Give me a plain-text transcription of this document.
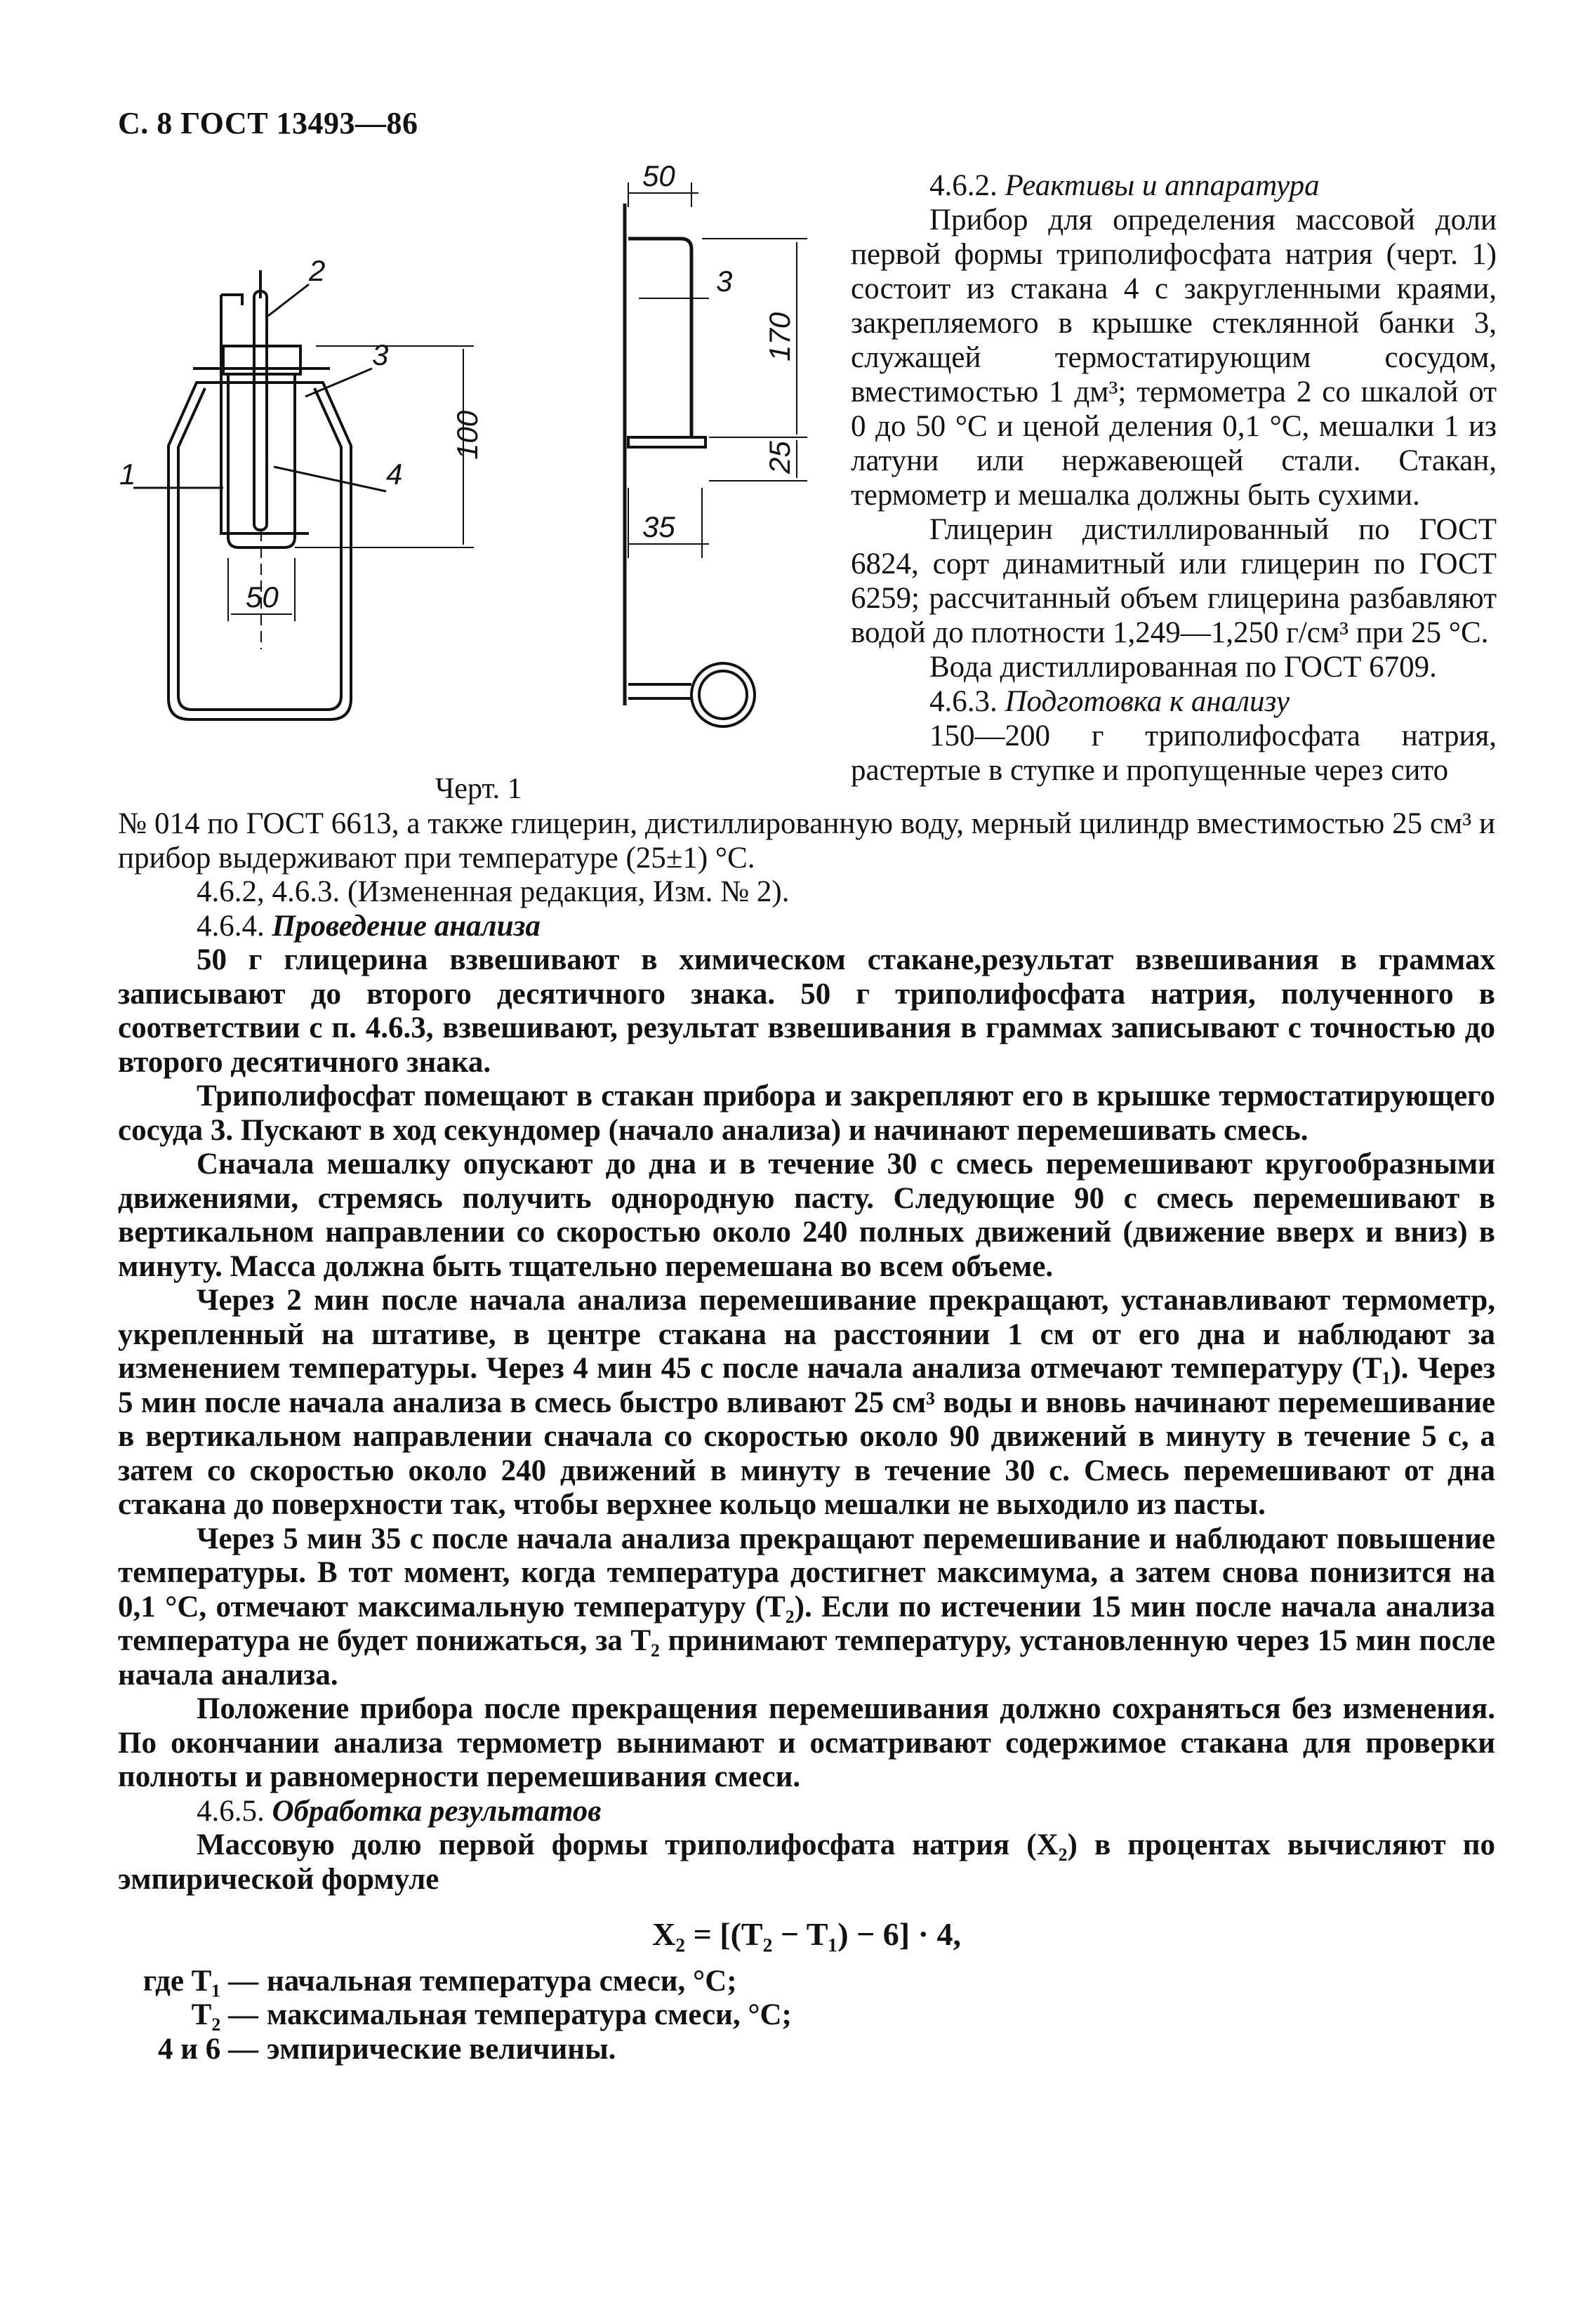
С. 8 ГОСТ 13493—86
1
2
3
4
100
50
50
3
170
35
25
Черт. 1

4.6.2. Реактивы и аппаратура

Прибор для определения массовой доли первой формы триполифосфата натрия (черт. 1) состоит из стакана 4 с закругленными краями, закрепляемого в крышке стеклянной банки 3, служащей термостатирующим сосудом, вместимостью 1 дм³; термометра 2 со шкалой от 0 до 50 °С и ценой деления 0,1 °С, мешалки 1 из латуни или нержавеющей стали. Стакан, термометр и мешалка должны быть сухими.

Глицерин дистиллированный по ГОСТ 6824, сорт динамитный или глицерин по ГОСТ 6259; рассчитанный объем глицерина разбавляют водой до плотности 1,249—1,250 г/см³ при 25 °С.

Вода дистиллированная по ГОСТ 6709.

4.6.3. Подготовка к анализу

150—200 г триполифосфата натрия, растертые в ступке и пропущенные через сито

№ 014 по ГОСТ 6613, а также глицерин, дистиллированную воду, мерный цилиндр вместимостью 25 см³ и прибор выдерживают при температуре (25±1) °С.

4.6.2, 4.6.3. (Измененная редакция, Изм. № 2).

4.6.4. Проведение анализа

50 г глицерина взвешивают в химическом стакане,результат взвешивания в граммах записывают до второго десятичного знака. 50 г триполифосфата натрия, полученного в соответствии с п. 4.6.3, взвешивают, результат взвешивания в граммах записывают с точностью до второго десятичного знака.

Триполифосфат помещают в стакан прибора и закрепляют его в крышке термостатирующего сосуда 3. Пускают в ход секундомер (начало анализа) и начинают перемешивать смесь.

Сначала мешалку опускают до дна и в течение 30 с смесь перемешивают кругообразными движениями, стремясь получить однородную пасту. Следующие 90 с смесь перемешивают в вертикальном направлении со скоростью около 240 полных движений (движение вверх и вниз) в минуту. Масса должна быть тщательно перемешана во всем объеме.

Через 2 мин после начала анализа перемешивание прекращают, устанавливают термометр, укрепленный на штативе, в центре стакана на расстоянии 1 см от его дна и наблюдают за изменением температуры. Через 4 мин 45 с после начала анализа отмечают температуру (T₁). Через 5 мин после начала анализа в смесь быстро вливают 25 см³ воды и вновь начинают перемешивание в вертикальном направлении сначала со скоростью около 90 движений в минуту в течение 5 с, а затем со скоростью около 240 движений в минуту в течение 30 с. Смесь перемешивают от дна стакана до поверхности так, чтобы верхнее кольцо мешалки не выходило из пасты.

Через 5 мин 35 с после начала анализа прекращают перемешивание и наблюдают повышение температуры. В тот момент, когда температура достигнет максимума, а затем снова понизится на 0,1 °С, отмечают максимальную температуру (T₂). Если по истечении 15 мин после начала анализа температура не будет понижаться, за T₂ принимают температуру, установленную через 15 мин после начала анализа.

Положение прибора после прекращения перемешивания должно сохраняться без изменения. По окончании анализа термометр вынимают и осматривают содержимое стакана для проверки полноты и равномерности перемешивания смеси.

4.6.5. Обработка результатов

Массовую долю первой формы триполифосфата натрия (X₂) в процентах вычисляют по эмпирической формуле

X₂ = [(T₂ − T₁) − 6] · 4,

где T₁ — начальная температура смеси, °С;
T₂ — максимальная температура смеси, °С;
4 и 6 — эмпирические величины.
